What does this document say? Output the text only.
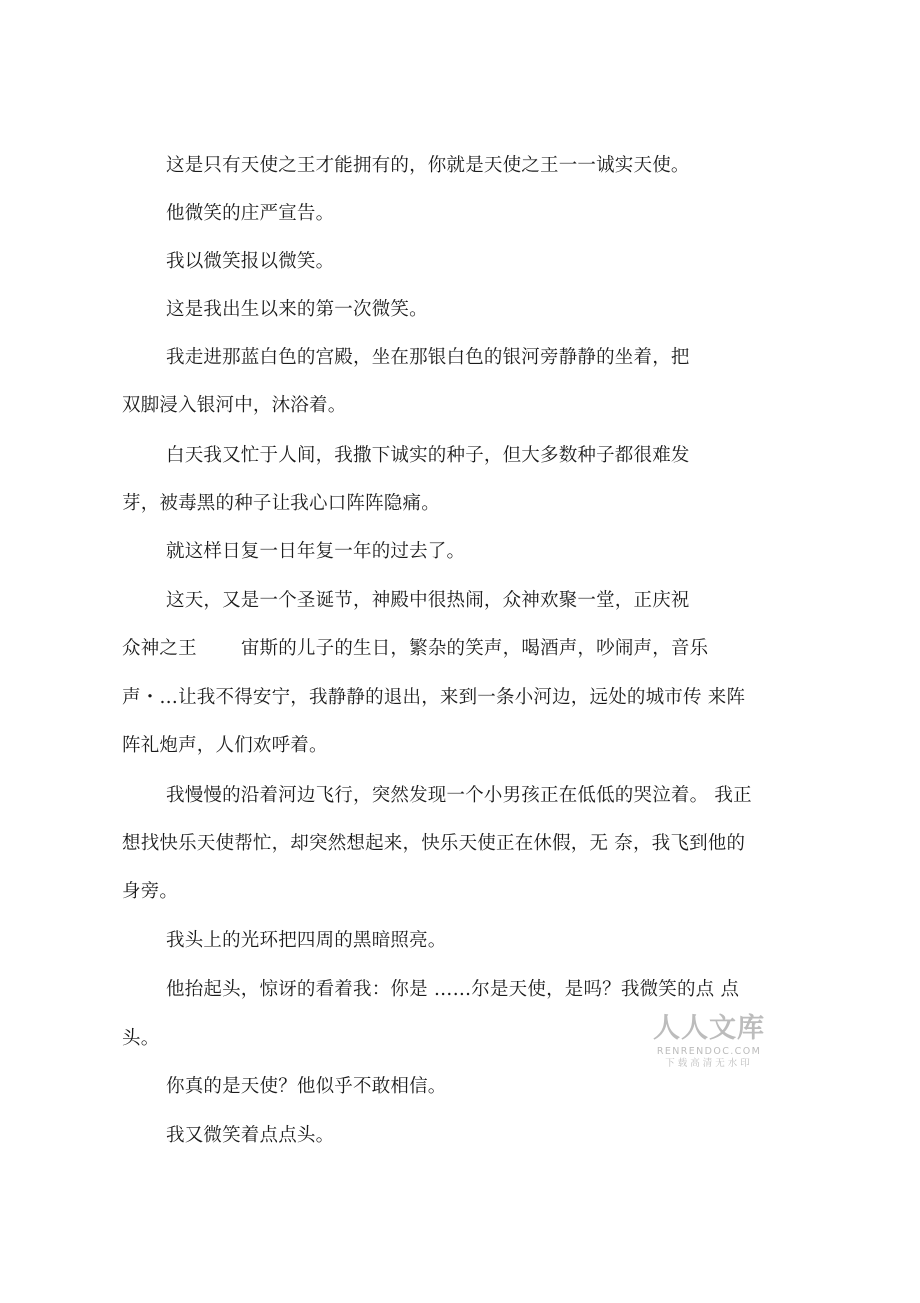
这是只有天使之王才能拥有的，你就是天使之王一一诚实天使。
他微笑的庄严宣告。
我以微笑报以微笑。
这是我出生以来的第一次微笑。
我走进那蓝白色的宫殿，坐在那银白色的银河旁静静的坐着，把
双脚浸入银河中，沐浴着。
白天我又忙于人间，我撒下诚实的种子，但大多数种子都很难发
芽，被毒黑的种子让我心口阵阵隐痛。
就这样日复一日年复一年的过去了。
这天，又是一个圣诞节，神殿中很热闹，众神欢聚一堂，正庆祝
众神之王 宙斯的儿子的生日，繁杂的笑声，喝酒声，吵闹声，音乐
声・…让我不得安宁，我静静的退出，来到一条小河边，远处的城市传 来阵
阵礼炮声，人们欢呼着。
我慢慢的沿着河边飞行，突然发现一个小男孩正在低低的哭泣着。 我正
想找快乐天使帮忙，却突然想起来，快乐天使正在休假，无 奈，我飞到他的
身旁。
我头上的光环把四周的黑暗照亮。
他抬起头，惊讶的看着我：你是 ……尔是天使，是吗？我微笑的点 点
头。
你真的是天使？他似乎不敢相信。
我又微笑着点点头。
人人文库
RENRENDOC.COM
下载高清无水印
